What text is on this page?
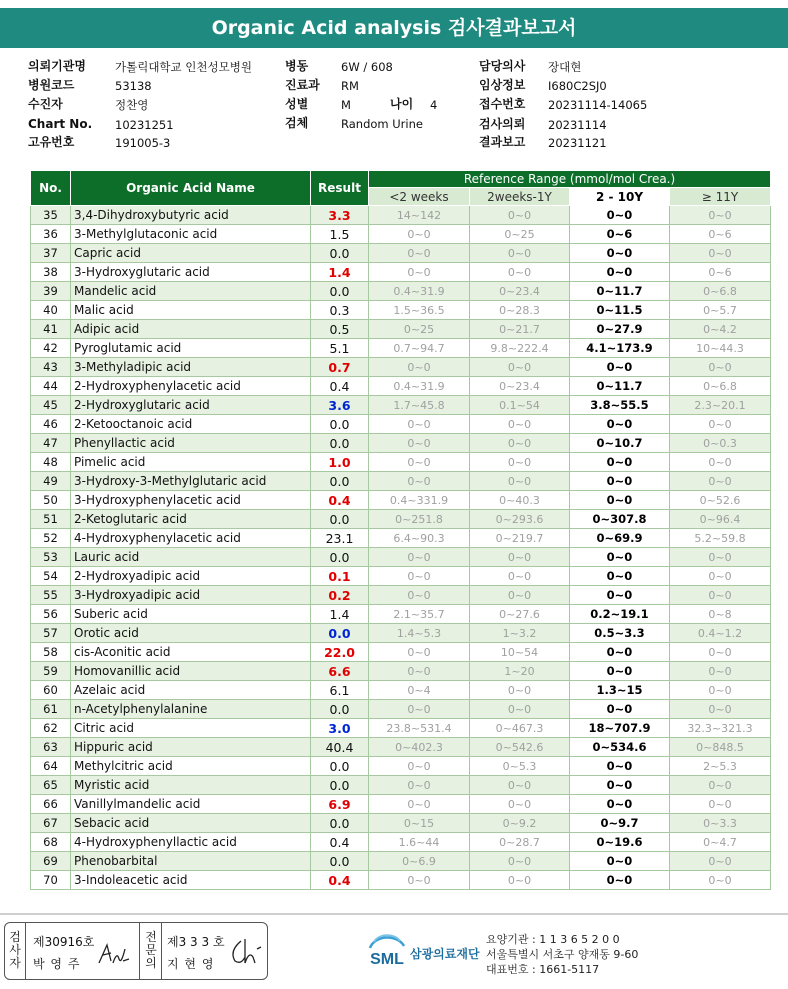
Organic Acid analysis 검사결과보고서
의뢰기관명	가톨릭대학교 인천성모병원
병원코드	53138
수진자	정찬영
Chart No. 10231251
고유번호	191005-3
병동	6W / 608
진료과 RM
성별	M
검체	Random Urine
나이 4
담당의사 장대현
임상정보 I680C2SJ0
접수번호 20231114-14065
검사의뢰 20231114
결과보고 20231121
No.	Organic Acid Name	Result	Reference Range (mmol/mol Crea.)			
			<2 weeks	2weeks-1Y	2 - 10Y	≥ 11Y
35	3,4-Dihydroxybutyric acid	3.3	14~142	0~0	0~0	0~0
36	3-Methylglutaconic acid	1.5	0~0	0~25	0~6	0~6
37	Capric acid	0.0	0~0	0~0	0~0	0~0
38	3-Hydroxyglutaric acid	1.4	0~0	0~0	0~0	0~6
39	Mandelic acid	0.0	0.4~31.9	0~23.4	0~11.7	0~6.8
40	Malic acid	0.3	1.5~36.5	0~28.3	0~11.5	0~5.7
41	Adipic acid	0.5	0~25	0~21.7	0~27.9	0~4.2
42	Pyroglutamic acid	5.1	0.7~94.7	9.8~222.4	4.1~173.9	10~44.3
43	3-Methyladipic acid	0.7	0~0	0~0	0~0	0~0
44	2-Hydroxyphenylacetic acid	0.4	0.4~31.9	0~23.4	0~11.7	0~6.8
45	2-Hydroxyglutaric acid	3.6	1.7~45.8	0.1~54	3.8~55.5	2.3~20.1
46	2-Ketooctanoic acid	0.0	0~0	0~0	0~0	0~0
47	Phenyllactic acid	0.0	0~0	0~0	0~10.7	0~0.3
48	Pimelic acid	1.0	0~0	0~0	0~0	0~0
49	3-Hydroxy-3-Methylglutaric acid	0.0	0~0	0~0	0~0	0~0
50	3-Hydroxyphenylacetic acid	0.4	0.4~331.9	0~40.3	0~0	0~52.6
51	2-Ketoglutaric acid	0.0	0~251.8	0~293.6	0~307.8	0~96.4
52	4-Hydroxyphenylacetic acid	23.1	6.4~90.3	0~219.7	0~69.9	5.2~59.8
53	Lauric acid	0.0	0~0	0~0	0~0	0~0
54	2-Hydroxyadipic acid	0.1	0~0	0~0	0~0	0~0
55	3-Hydroxyadipic acid	0.2	0~0	0~0	0~0	0~0
56	Suberic acid	1.4	2.1~35.7	0~27.6	0.2~19.1	0~8
57	Orotic acid	0.0	1.4~5.3	1~3.2	0.5~3.3	0.4~1.2
58	cis-Aconitic acid	22.0	0~0	10~54	0~0	0~0
59	Homovanillic acid	6.6	0~0	1~20	0~0	0~0
60	Azelaic acid	6.1	0~4	0~0	1.3~15	0~0
61	n-Acetylphenylalanine	0.0	0~0	0~0	0~0	0~0
62	Citric acid	3.0	23.8~531.4	0~467.3	18~707.9	32.3~321.3
63	Hippuric acid	40.4	0~402.3	0~542.6	0~534.6	0~848.5
64	Methylcitric acid	0.0	0~0	0~5.3	0~0	2~5.3
65	Myristic acid	0.0	0~0	0~0	0~0	0~0
66	Vanillylmandelic acid	6.9	0~0	0~0	0~0	0~0
67	Sebacic acid	0.0	0~15	0~9.2	0~9.7	0~3.3
68	4-Hydroxyphenyllactic acid	0.4	1.6~44	0~28.7	0~19.6	0~4.7
69	Phenobarbital	0.0	0~6.9	0~0	0~0	0~0
70	3-Indoleacetic acid	0.4	0~0	0~0	0~0	0~0
검
사
자
제30916호
박 영 주
전
문
의
제3 3 3 호
지 현 영	SML 삼광의료재단
요양기관 : 1 1 3 6 5 2 0 0
서울특별시 서초구 양재동 9-60
대표번호 : 1661-5117
